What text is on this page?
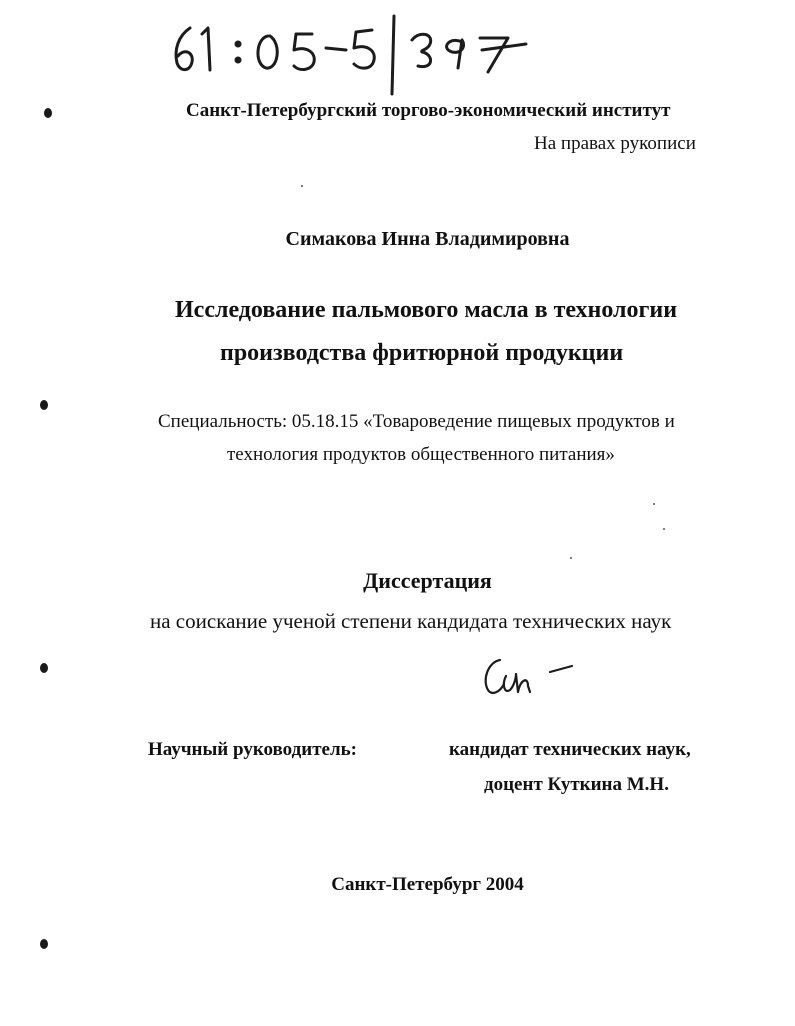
Санкт-Петербургский торгово-экономический институт
На правах рукописи
Симакова Инна Владимировна
Исследование пальмового масла в технологии
производства фритюрной продукции
Специальность: 05.18.15 «Товароведение пищевых продуктов и
технология продуктов общественного питания»
Диссертация
на соискание ученой степени кандидата технических наук
Научный руководитель:	кандидат технических наук,
доцент Куткина М.Н.
Санкт-Петербург 2004
